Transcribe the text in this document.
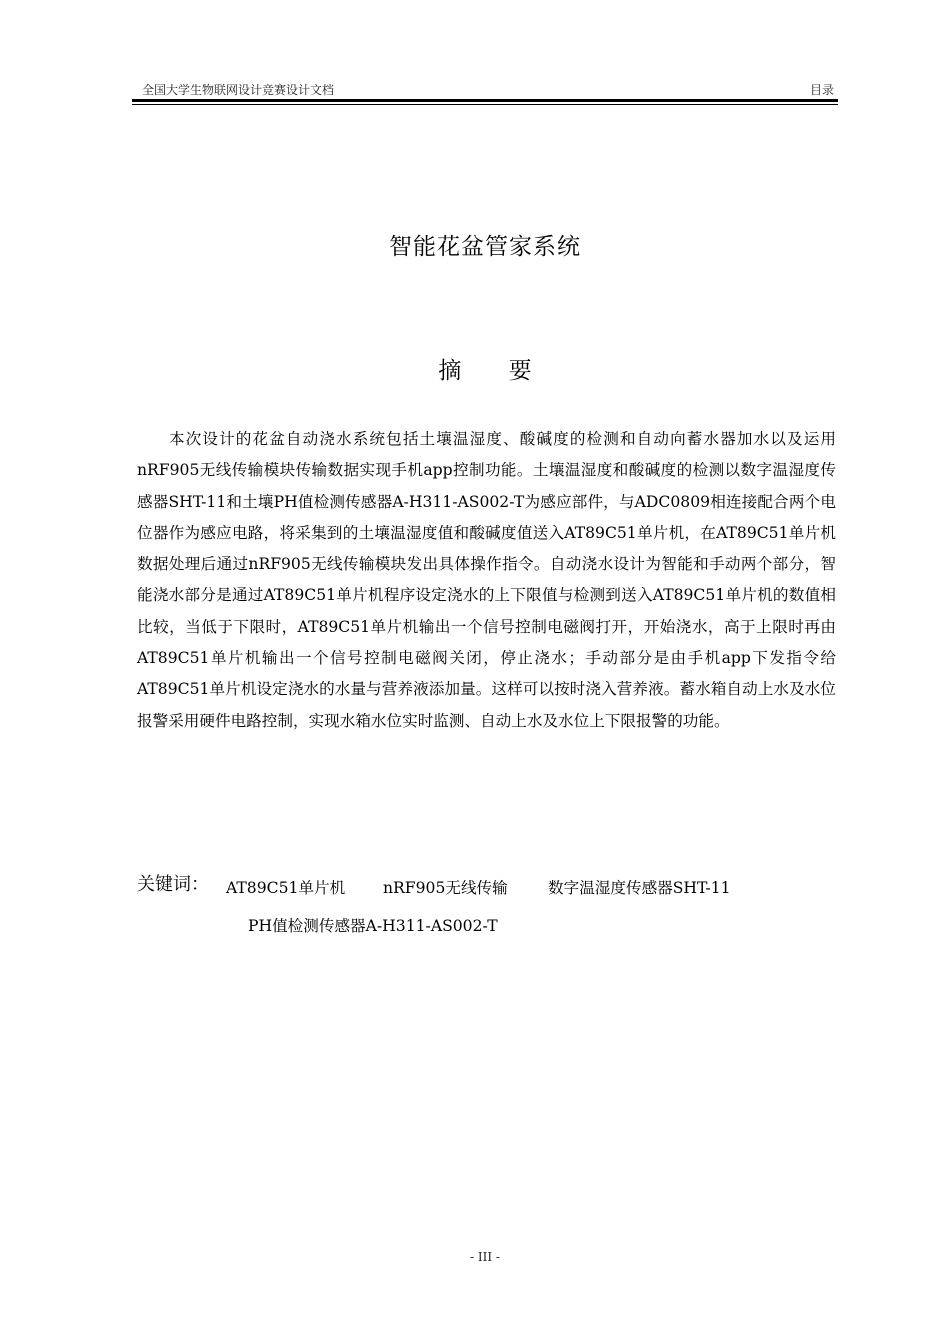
全国大学生物联网设计竞赛设计文档	目录
智能花盆管家系统
摘 要

本次设计的花盆自动浇水系统包括土壤温湿度、酸碱度的检测和自动向蓄水器加水以及运用nRF905无线传输模块传输数据实现手机app控制功能。土壤温湿度和酸碱度的检测以数字温湿度传感器SHT-11和土壤PH值检测传感器A-H311-AS002-T为感应部件，与ADC0809相连接配合两个电位器作为感应电路，将采集到的土壤温湿度值和酸碱度值送入AT89C51单片机，在AT89C51单片机数据处理后通过nRF905无线传输模块发出具体操作指令。自动浇水设计为智能和手动两个部分，智能浇水部分是通过AT89C51单片机程序设定浇水的上下限值与检测到送入AT89C51单片机的数值相比较，当低于下限时，AT89C51单片机输出一个信号控制电磁阀打开，开始浇水，高于上限时再由AT89C51单片机输出一个信号控制电磁阀关闭，停止浇水；手动部分是由手机app下发指令给AT89C51单片机设定浇水的水量与营养液添加量。这样可以按时浇入营养液。蓄水箱自动上水及水位报警采用硬件电路控制，实现水箱水位实时监测、自动上水及水位上下限报警的功能。

关键词： AT89C51单片机 nRF905无线传输	数字温湿度传感器SHT-11
PH值检测传感器A-H311-AS002-T
- III -
